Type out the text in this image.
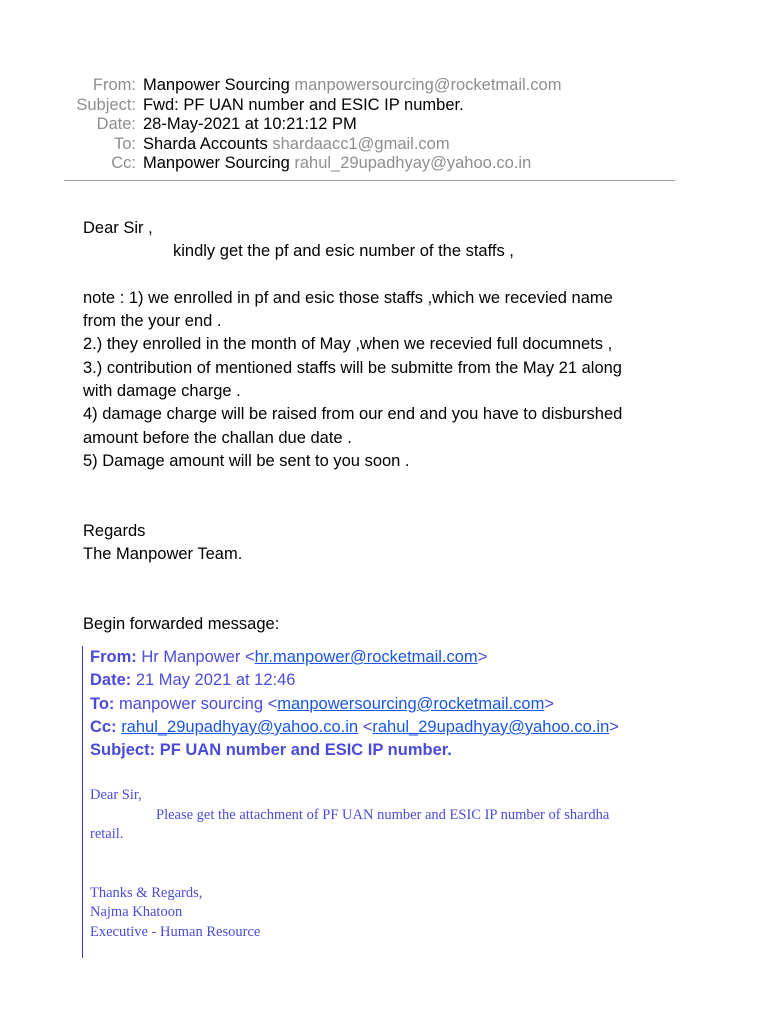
From: Manpower Sourcing manpowersourcing@rocketmail.com
Subject: Fwd: PF UAN number and ESIC IP number.
Date: 28-May-2021 at 10:21:12 PM
To: Sharda Accounts shardaacc1@gmail.com
Cc: Manpower Sourcing rahul_29upadhyay@yahoo.co.in
Dear Sir ,
kindly get the pf and esic number of the staffs ,
note : 1) we enrolled in pf and esic those staffs ,which we recevied name
from the your end .
2.) they enrolled in the month of May ,when we recevied full documnets ,
3.) contribution of mentioned staffs will be submitte from the May 21 along
with damage charge .
4) damage charge will be raised from our end and you have to disburshed
amount before the challan due date .
5) Damage amount will be sent to you soon .
Regards
The Manpower Team.
Begin forwarded message:
From: Hr Manpower <hr.manpower@rocketmail.com>
Date: 21 May 2021 at 12:46
To: manpower sourcing <manpowersourcing@rocketmail.com>
Cc: rahul_29upadhyay@yahoo.co.in <rahul_29upadhyay@yahoo.co.in>
Subject: PF UAN number and ESIC IP number.
Dear Sir,
Please get the attachment of PF UAN number and ESIC IP number of shardha
retail.
Thanks & Regards,
Najma Khatoon
Executive - Human Resource
